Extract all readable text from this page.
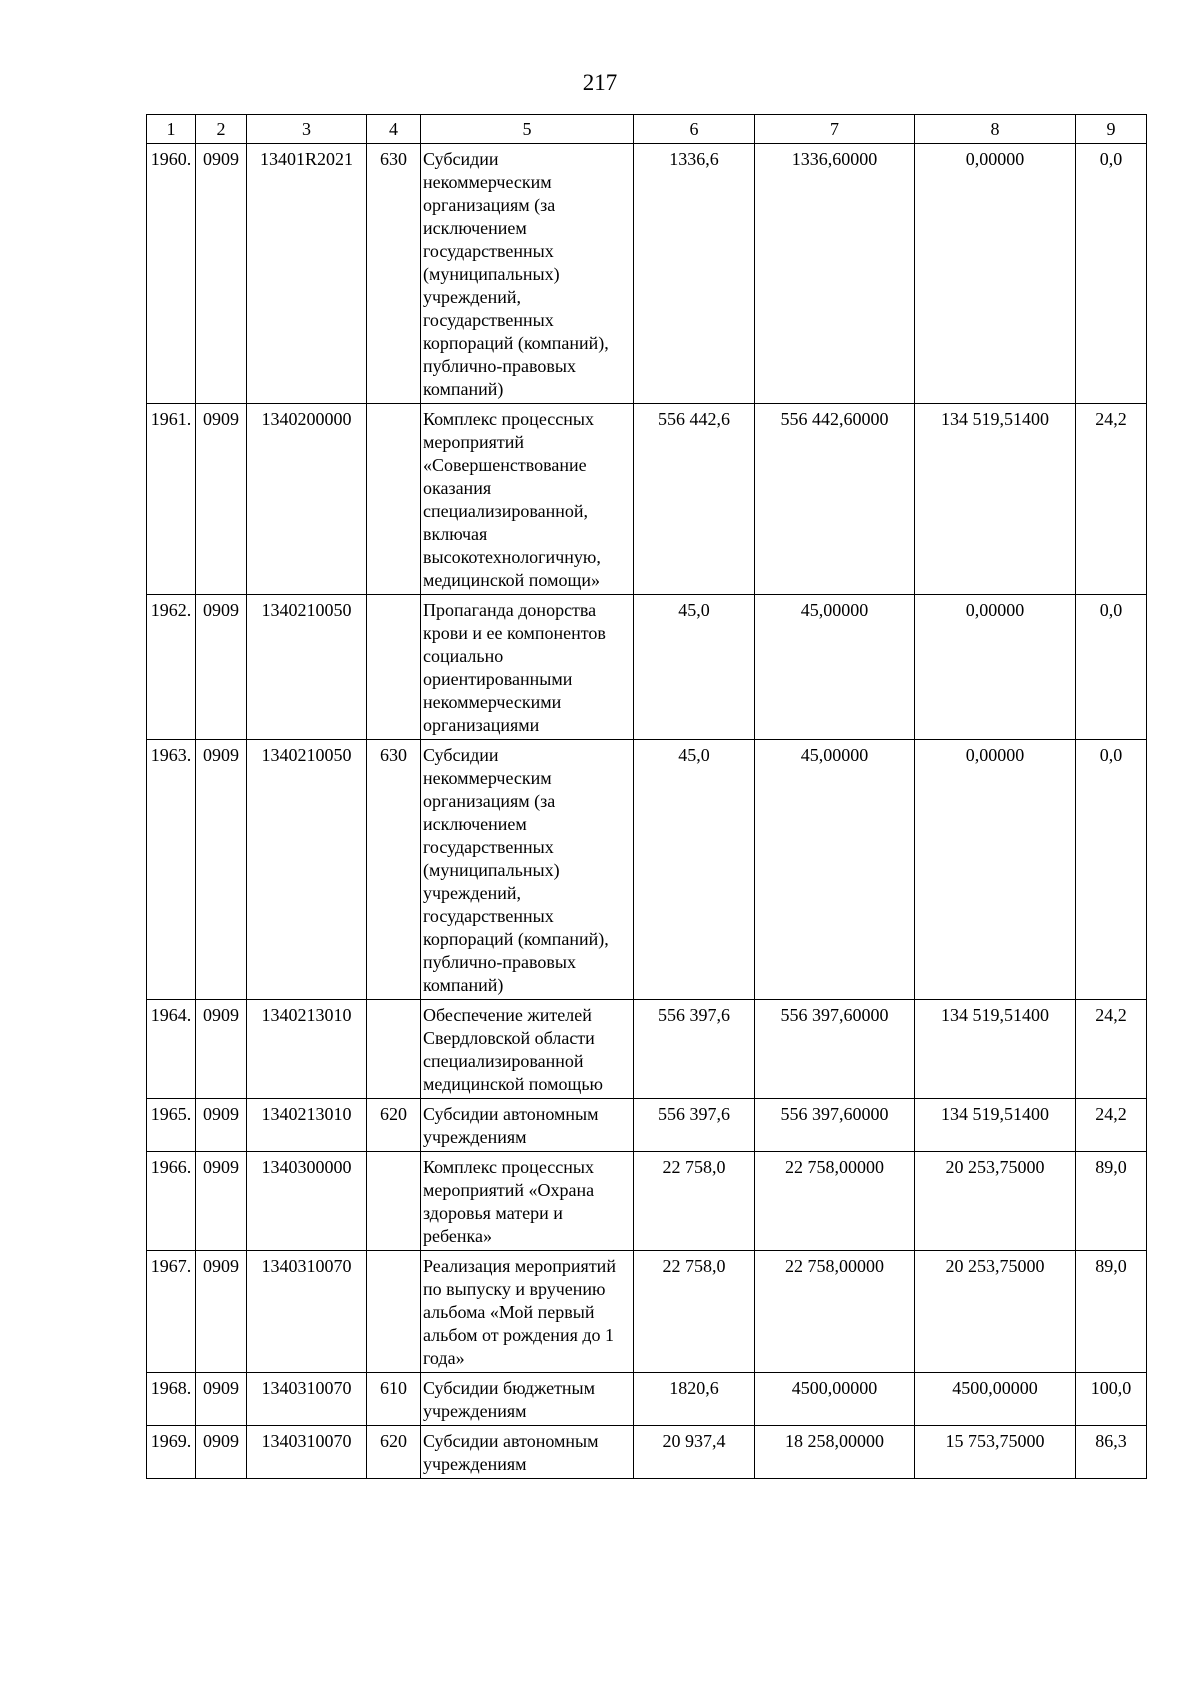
217
1	2	3	4	5	6	7	8	9
1960.	0909	13401R2021	630	Субсидии некоммерческим организациям (за исключением государственных (муниципальных) учреждений, государственных корпораций (компаний), публично-правовых компаний)	1336,6	1336,60000	0,00000	0,0
1961.	0909	1340200000		Комплекс процессных мероприятий «Совершенствование оказания специализированной, включая высокотехнологичную, медицинской помощи»	556 442,6	556 442,60000	134 519,51400	24,2
1962.	0909	1340210050		Пропаганда донорства крови и ее компонентов социально ориентированными некоммерческими организациями	45,0	45,00000	0,00000	0,0
1963.	0909	1340210050	630	Субсидии некоммерческим организациям (за исключением государственных (муниципальных) учреждений, государственных корпораций (компаний), публично-правовых компаний)	45,0	45,00000	0,00000	0,0
1964.	0909	1340213010		Обеспечение жителей Свердловской области специализированной медицинской помощью	556 397,6	556 397,60000	134 519,51400	24,2
1965.	0909	1340213010	620	Субсидии автономным учреждениям	556 397,6	556 397,60000	134 519,51400	24,2
1966.	0909	1340300000		Комплекс процессных мероприятий «Охрана здоровья матери и ребенка»	22 758,0	22 758,00000	20 253,75000	89,0
1967.	0909	1340310070		Реализация мероприятий по выпуску и вручению альбома «Мой первый альбом от рождения до 1 года»	22 758,0	22 758,00000	20 253,75000	89,0
1968.	0909	1340310070	610	Субсидии бюджетным учреждениям	1820,6	4500,00000	4500,00000	100,0
1969.	0909	1340310070	620	Субсидии автономным учреждениям	20 937,4	18 258,00000	15 753,75000	86,3
